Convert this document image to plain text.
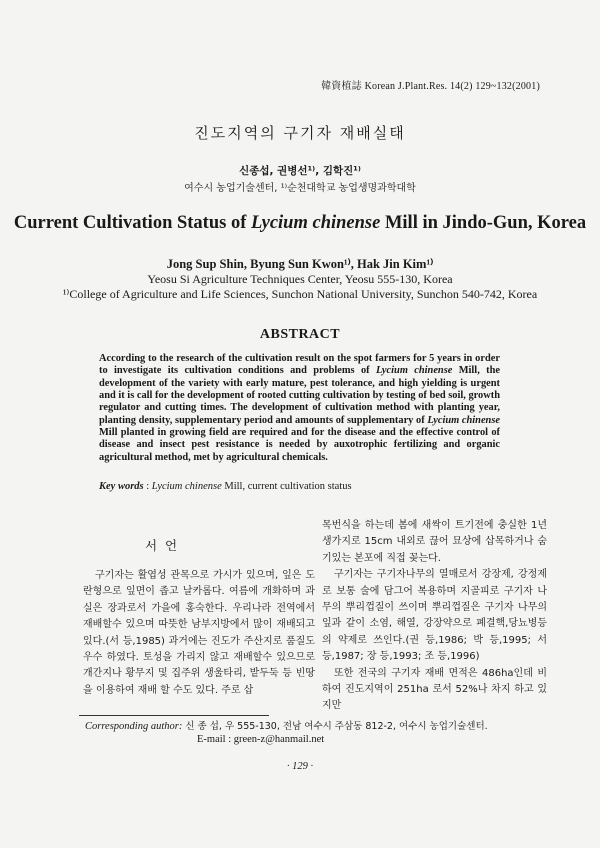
韓資植誌 Korean J.Plant.Res. 14(2) 129~132(2001)
진도지역의 구기자 재배실태
신종섭, 권병선¹⁾, 김학진¹⁾
여수시 농업기술센터, ¹⁾순천대학교 농업생명과학대학
Current Cultivation Status of Lycium chinense Mill in Jindo-Gun, Korea
Jong Sup Shin, Byung Sun Kwon¹⁾, Hak Jin Kim¹⁾
Yeosu Si Agriculture Techniques Center, Yeosu 555-130, Korea
¹⁾College of Agriculture and Life Sciences, Sunchon National University, Sunchon 540-742, Korea
ABSTRACT
According to the research of the cultivation result on the spot farmers for 5 years in order to investigate its cultivation conditions and problems of Lycium chinense Mill, the development of the variety with early mature, pest tolerance, and high yielding is urgent and it is call for the development of rooted cutting cultivation by testing of bed soil, growth regulator and cutting times. The development of cultivation method with planting year, planting density, supplementary period and amounts of supplementary of Lycium chinense Mill planted in growing field are required and for the disease and the effective control of disease and insect pest resistance is needed by auxotrophic fertilizing and organic agricultural method, met by agricultural chemicals.
Key words : Lycium chinense Mill, current cultivation status
서 언

구기자는 활엽성 관목으로 가시가 있으며, 잎은 도란형으로 잎면이 좁고 날카롭다. 여름에 개화하며 과실은 장과로서 가을에 홍숙한다. 우리나라 전역에서 재배할수 있으며 따뜻한 남부지방에서 많이 재배되고 있다.(서 등,1985) 과거에는 진도가 주산지로 품질도 우수 하였다. 토성을 가리지 않고 재배할수 있으므로 개간지나 황무지 및 집주위 생울타리, 밭두둑 등 빈땅을 이용하여 재배 할 수도 있다. 주로 삽

목번식을 하는데 봄에 새싹이 트기전에 충실한 1년생가지로 15cm 내외로 끊어 묘상에 삽목하거나 숨기있는 본포에 직접 꽂는다.

구기자는 구기자나무의 열매로서 강장제, 강정제로 보통 술에 담그어 복용하며 지골피로 구기자 나무의 뿌리껍질이 쓰이며 뿌리껍질은 구기자 나무의 잎과 같이 소염, 해열, 강장약으로 폐결핵,당뇨병등의 약제로 쓰인다.(권 등,1986; 박 등,1995; 서 등,1987; 장 등,1993; 조 등,1996)

또한 전국의 구기자 재배 면적은 486ha인데 비하여 진도지역이 251ha 로서 52%나 차지 하고 있지만

Corresponding author: 신 종 섭, 우 555-130, 전남 여수시 주삼동 812-2, 여수시 농업기술센터.
E-mail : green-z@hanmail.net
· 129 ·
